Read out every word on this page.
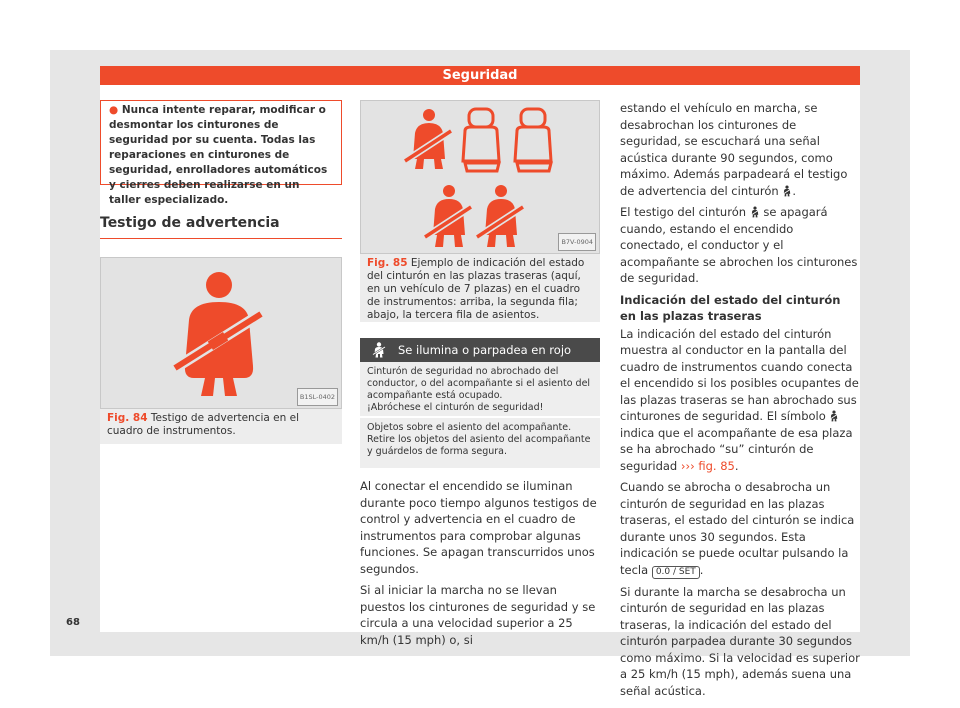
Seguridad
● Nunca intente reparar, modificar o desmontar los cinturones de seguridad por su cuenta. Todas las reparaciones en cinturones de seguridad, enrolladores automáticos y cierres deben realizarse en un taller especializado.
Testigo de advertencia
B1SL-0402
Fig. 84 Testigo de advertencia en el cuadro de instrumentos.
B7V-0904
Fig. 85 Ejemplo de indicación del estado del cinturón en las plazas traseras (aquí, en un vehículo de 7 plazas) en el cuadro de instrumentos: arriba, la segunda fila; abajo, la tercera fila de asientos.
Se ilumina o parpadea en rojo
Cinturón de seguridad no abrochado del conductor, o del acompañante si el asiento del acompañante está ocupado.
¡Abróchese el cinturón de seguridad!
Objetos sobre el asiento del acompañante.
Retire los objetos del asiento del acompañante y guárdelos de forma segura.

Al conectar el encendido se iluminan durante poco tiempo algunos testigos de control y advertencia en el cuadro de instrumentos para comprobar algunas funciones. Se apagan transcurridos unos segundos.

Si al iniciar la marcha no se llevan puestos los cinturones de seguridad y se circula a una velocidad superior a 25 km/h (15 mph) o, si

estando el vehículo en marcha, se desabrochan los cinturones de seguridad, se escuchará una señal acústica durante 90 segundos, como máximo. Además parpadeará el testigo de advertencia del cinturón .

El testigo del cinturón se apagará cuando, estando el encendido conectado, el conductor y el acompañante se abrochen los cinturones de seguridad.

Indicación del estado del cinturón en las plazas traseras

La indicación del estado del cinturón muestra al conductor en la pantalla del cuadro de instrumentos cuando conecta el encendido si los posibles ocupantes de las plazas traseras se han abrochado sus cinturones de seguridad. El símbolo  indica que el acompañante de esa plaza se ha abrochado “su” cinturón de seguridad ››› fig. 85.

Cuando se abrocha o desabrocha un cinturón de seguridad en las plazas traseras, el estado del cinturón se indica durante unos 30 segundos. Esta indicación se puede ocultar pulsando la tecla 0.0 / SET .

Si durante la marcha se desabrocha un cinturón de seguridad en las plazas traseras, la indicación del estado del cinturón parpadea durante 30 segundos como máximo. Si la velocidad es superior a 25 km/h (15 mph), además suena una señal acústica.

68
